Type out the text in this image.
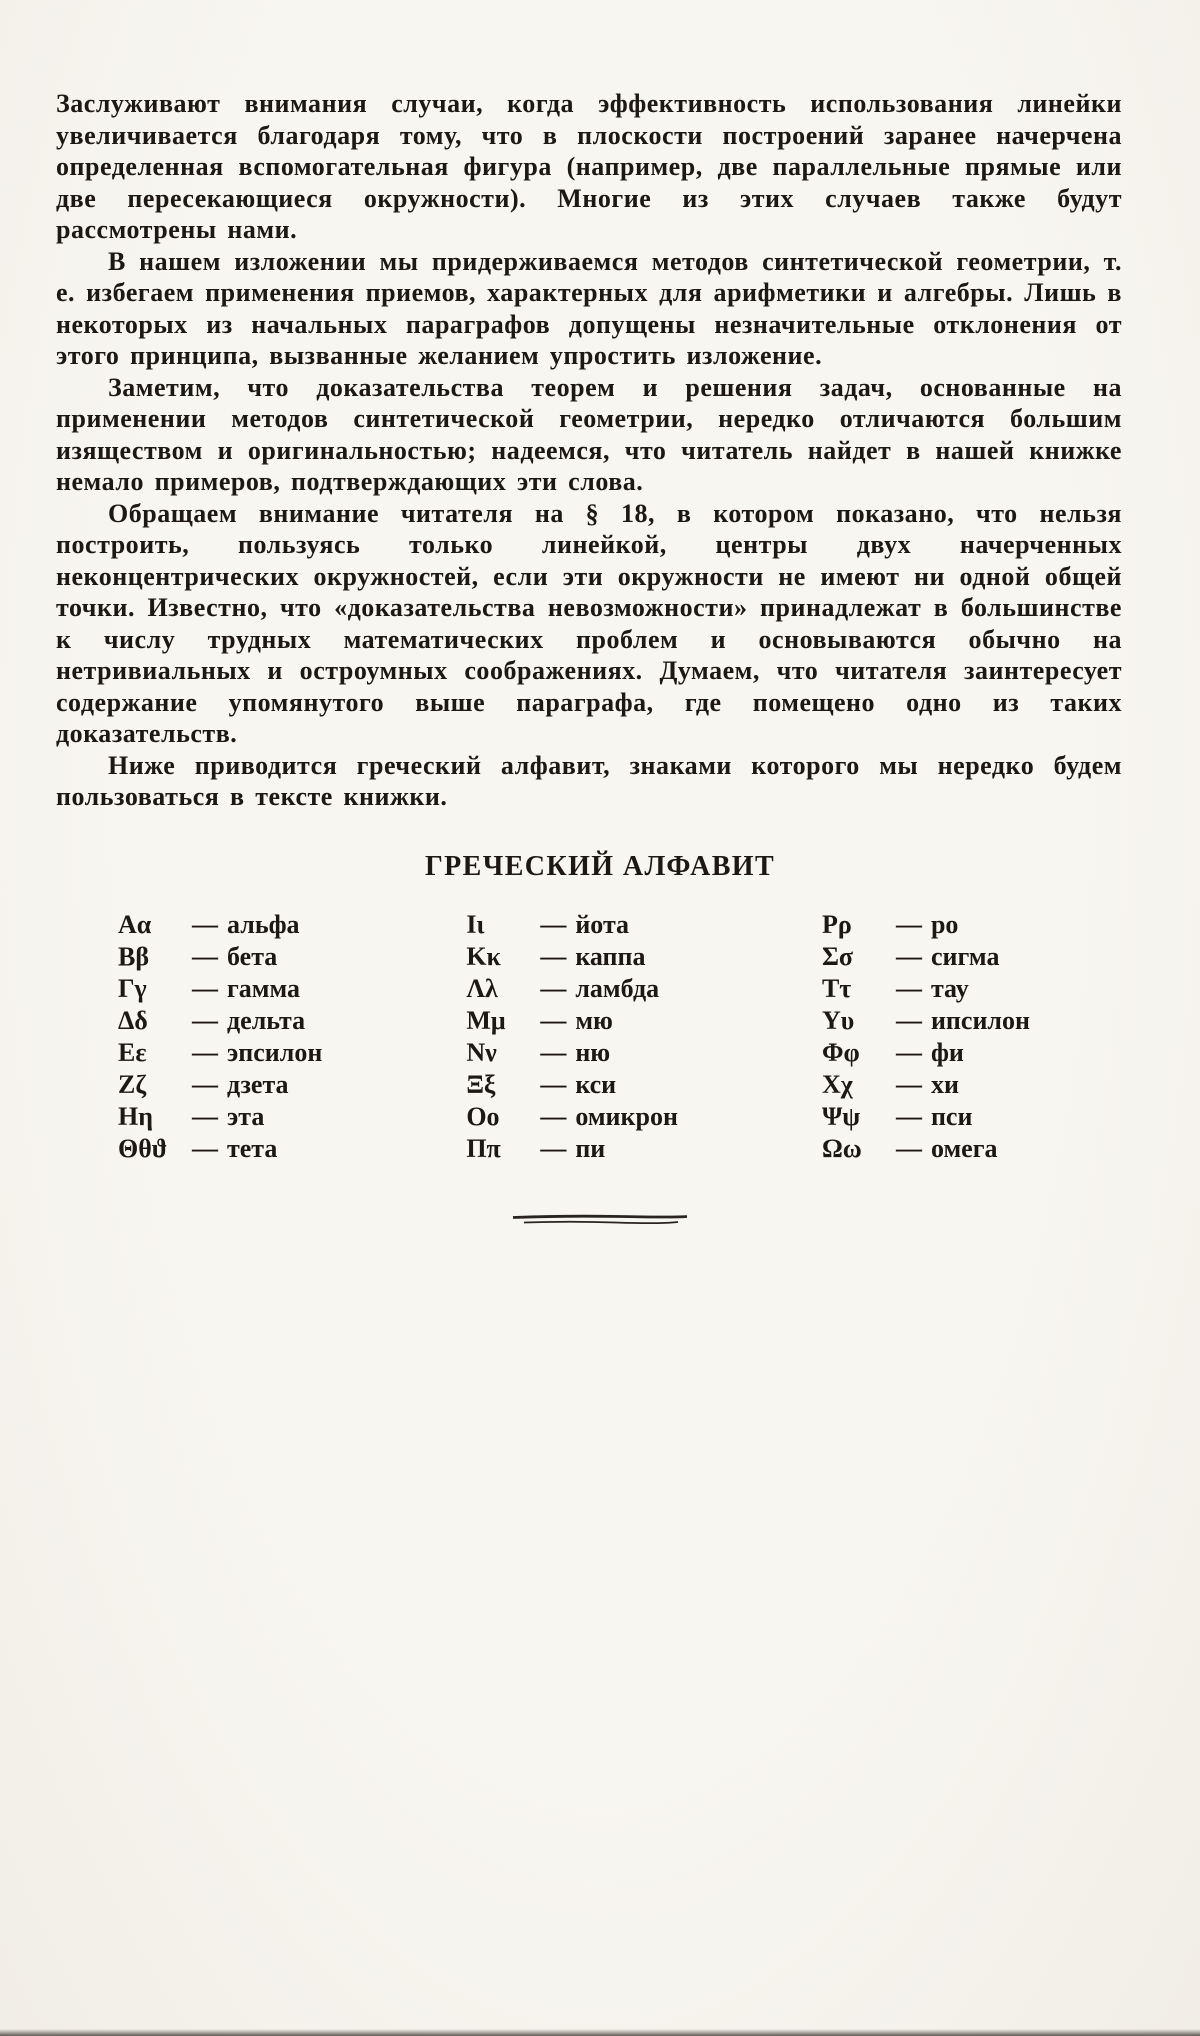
Заслуживают внимания случаи, когда эффективность использования линейки увеличивается благодаря тому, что в плоскости построений заранее начерчена определенная вспомогательная фигура (например, две параллельные прямые или две пересекающиеся окружности). Многие из этих случаев также будут рассмотрены нами.

В нашем изложении мы придерживаемся методов синтетической геометрии, т. е. избегаем применения приемов, характерных для арифметики и алгебры. Лишь в некоторых из начальных параграфов допущены незначительные отклонения от этого принципа, вызванные желанием упростить изложение.

Заметим, что доказательства теорем и решения задач, основанные на применении методов синтетической геометрии, нередко отличаются большим изяществом и оригинальностью; надеемся, что читатель найдет в нашей книжке немало примеров, подтверждающих эти слова.

Обращаем внимание читателя на § 18, в котором показано, что нельзя построить, пользуясь только линейкой, центры двух начерченных неконцентрических окружностей, если эти окружности не имеют ни одной общей точки. Известно, что «доказательства невозможности» принадлежат в большинстве к числу трудных математических проблем и основываются обычно на нетривиальных и остроумных соображениях. Думаем, что читателя заинтересует содержание упомянутого выше параграфа, где помещено одно из таких доказательств.

Ниже приводится греческий алфавит, знаками которого мы нередко будем пользоваться в тексте книжки.

ГРЕЧЕСКИЙ АЛФАВИТ
Αα — альфа
Ββ — бета
Γγ — гамма
Δδ — дельта
Εε — эпсилон
Ζζ — дзета
Ηη — эта
Θθϑ — тета
Ιι — йота
Κκ — каппа
Λλ — ламбда
Μμ — мю
Νν — ню
Ξξ — кси
Οο — омикрон
Ππ — пи
Ρρ — ро
Σσ — сигма
Ττ — тау
Υυ — ипсилон
Φφ — фи
Χχ — хи
Ψψ — пси
Ωω — омега
